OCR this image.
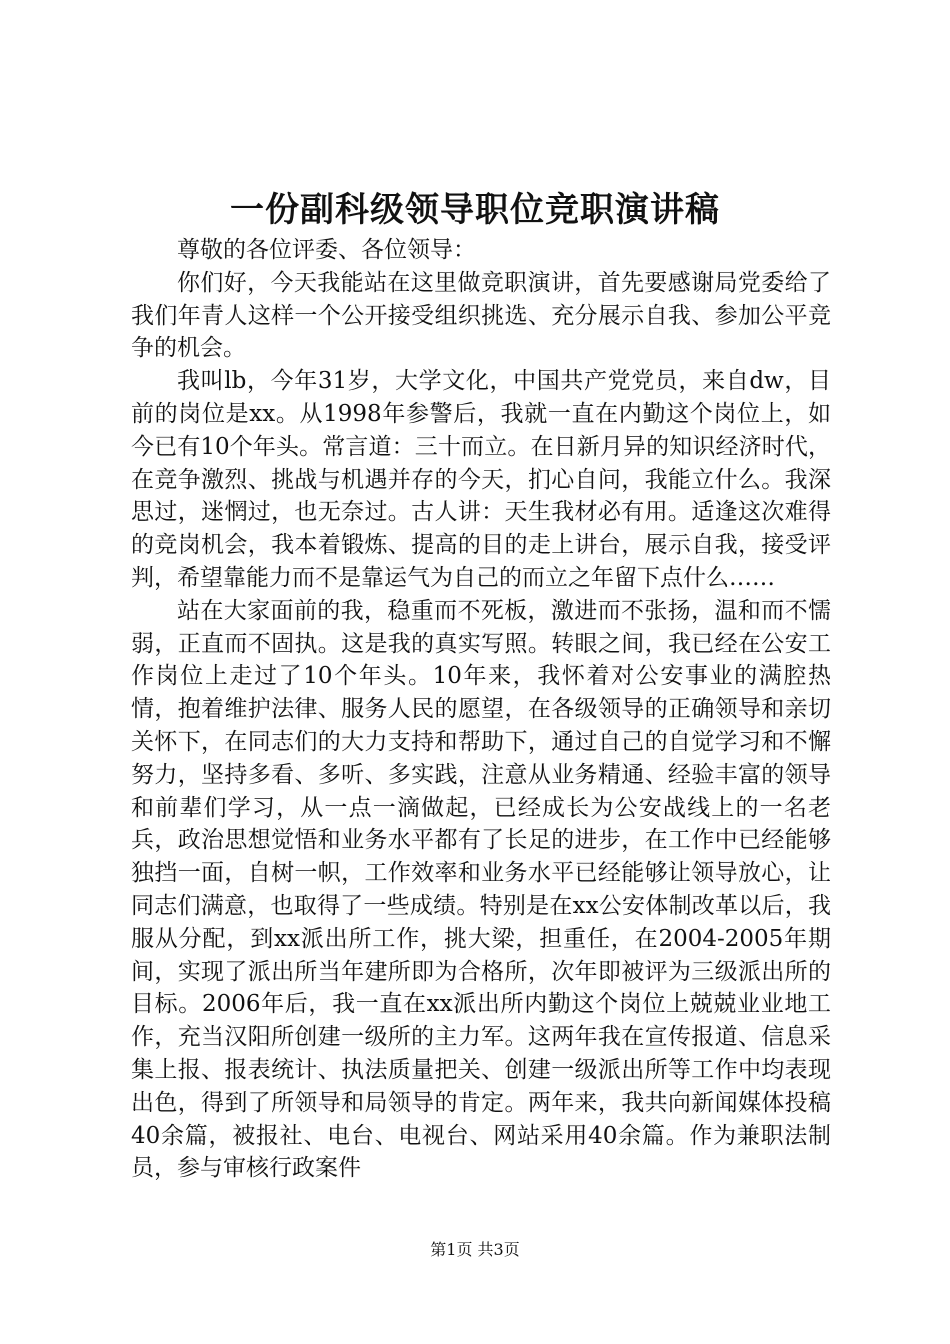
一份副科级领导职位竞职演讲稿

尊敬的各位评委、各位领导：

你们好，今天我能站在这里做竞职演讲，首先要感谢局党委给了我们年青人这样一个公开接受组织挑选、充分展示自我、参加公平竞争的机会。

我叫lb，今年31岁，大学文化，中国共产党党员，来自dw，目前的岗位是xx。从1998年参警后，我就一直在内勤这个岗位上，如今已有10个年头。常言道：三十而立。在日新月异的知识经济时代，在竞争激烈、挑战与机遇并存的今天，扪心自问，我能立什么。我深思过，迷惘过，也无奈过。古人讲：天生我材必有用。适逢这次难得的竞岗机会，我本着锻炼、提高的目的走上讲台，展示自我，接受评判，希望靠能力而不是靠运气为自己的而立之年留下点什么……

站在大家面前的我，稳重而不死板，激进而不张扬，温和而不懦弱，正直而不固执。这是我的真实写照。转眼之间，我已经在公安工作岗位上走过了10个年头。10年来，我怀着对公安事业的满腔热情，抱着维护法律、服务人民的愿望，在各级领导的正确领导和亲切关怀下，在同志们的大力支持和帮助下，通过自己的自觉学习和不懈努力，坚持多看、多听、多实践，注意从业务精通、经验丰富的领导和前辈们学习，从一点一滴做起，已经成长为公安战线上的一名老兵，政治思想觉悟和业务水平都有了长足的进步，在工作中已经能够独挡一面，自树一帜，工作效率和业务水平已经能够让领导放心，让同志们满意，也取得了一些成绩。特别是在xx公安体制改革以后，我服从分配，到xx派出所工作，挑大梁，担重任，在2004-2005年期间，实现了派出所当年建所即为合格所，次年即被评为三级派出所的目标。2006年后，我一直在xx派出所内勤这个岗位上兢兢业业地工作，充当汉阳所创建一级所的主力军。这两年我在宣传报道、信息采集上报、报表统计、执法质量把关、创建一级派出所等工作中均表现出色，得到了所领导和局领导的肯定。两年来，我共向新闻媒体投稿40余篇，被报社、电台、电视台、网站采用40余篇。作为兼职法制员，参与审核行政案件

第1页 共3页
